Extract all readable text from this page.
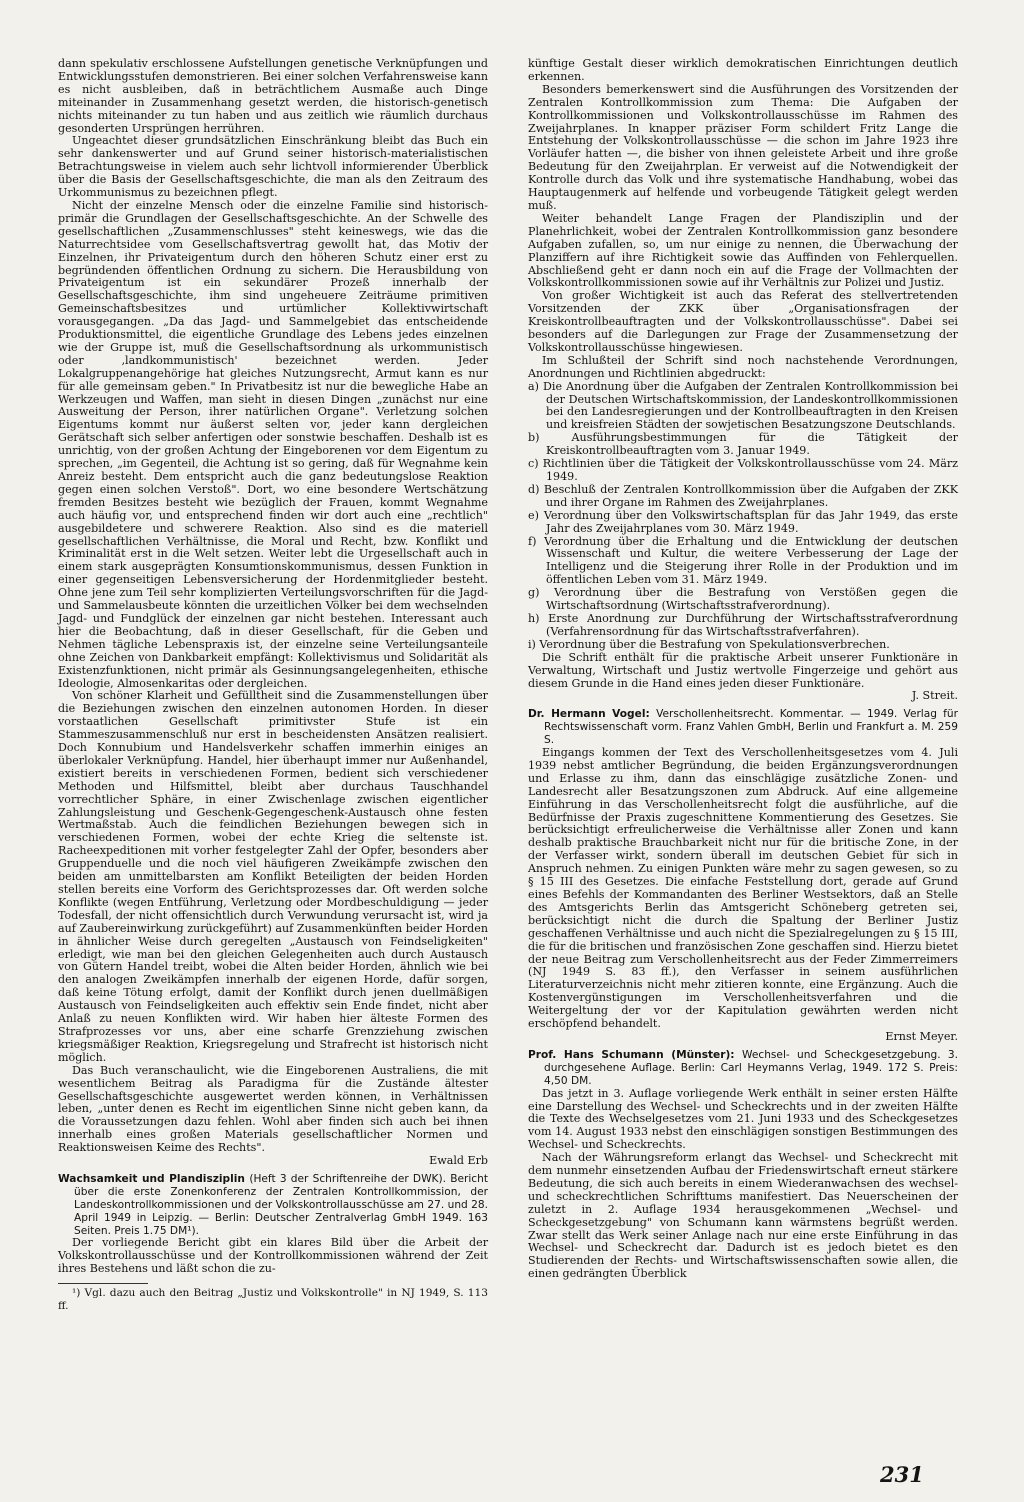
dann spekulativ erschlossene Aufstellungen genetische Verknüpfungen und Entwicklungsstufen demonstrieren. Bei einer solchen Verfahrensweise kann es nicht ausbleiben, daß in beträchtlichem Ausmaße auch Dinge miteinander in Zusammenhang gesetzt werden, die historisch-genetisch nichts miteinander zu tun haben und aus zeitlich wie räumlich durchaus gesonderten Ursprüngen herrühren.

Ungeachtet dieser grundsätzlichen Einschränkung bleibt das Buch ein sehr dankenswerter und auf Grund seiner historisch-materialistischen Betrachtungsweise in vielem auch sehr lichtvoll informierender Überblick über die Basis der Gesellschaftsgeschichte, die man als den Zeitraum des Urkommunismus zu bezeichnen pflegt.

Nicht der einzelne Mensch oder die einzelne Familie sind historisch-primär die Grundlagen der Gesellschaftsgeschichte. An der Schwelle des gesellschaftlichen „Zusammenschlusses" steht keineswegs, wie das die Naturrechtsidee vom Gesellschaftsvertrag gewollt hat, das Motiv der Einzelnen, ihr Privateigentum durch den höheren Schutz einer erst zu begründenden öffentlichen Ordnung zu sichern. Die Herausbildung von Privateigentum ist ein sekundärer Prozeß innerhalb der Gesellschaftsgeschichte, ihm sind ungeheuere Zeiträume primitiven Gemeinschaftsbesitzes und urtümlicher Kollektivwirtschaft vorausgegangen. „Da das Jagd- und Sammelgebiet das entscheidende Produktionsmittel, die eigentliche Grundlage des Lebens jedes einzelnen wie der Gruppe ist, muß die Gesellschaftsordnung als urkommunistisch oder ‚landkommunistisch' bezeichnet werden. Jeder Lokalgruppenangehörige hat gleiches Nutzungsrecht, Armut kann es nur für alle gemeinsam geben." In Privatbesitz ist nur die bewegliche Habe an Werkzeugen und Waffen, man sieht in diesen Dingen „zunächst nur eine Ausweitung der Person, ihrer natürlichen Organe". Verletzung solchen Eigentums kommt nur äußerst selten vor, jeder kann dergleichen Gerätschaft sich selber anfertigen oder sonstwie beschaffen. Deshalb ist es unrichtig, von der großen Achtung der Eingeborenen vor dem Eigentum zu sprechen, „im Gegenteil, die Achtung ist so gering, daß für Wegnahme kein Anreiz besteht. Dem entspricht auch die ganz bedeutungslose Reaktion gegen einen solchen Verstoß". Dort, wo eine besondere Wertschätzung fremden Besitzes besteht wie bezüglich der Frauen, kommt Wegnahme auch häufig vor, und entsprechend finden wir dort auch eine „rechtlich" ausgebildetere und schwerere Reaktion. Also sind es die materiell gesellschaftlichen Verhältnisse, die Moral und Recht, bzw. Konflikt und Kriminalität erst in die Welt setzen. Weiter lebt die Urgesellschaft auch in einem stark ausgeprägten Konsumtionskommunismus, dessen Funktion in einer gegenseitigen Lebensversicherung der Hordenmitglieder besteht. Ohne jene zum Teil sehr komplizierten Verteilungsvorschriften für die Jagd- und Sammelausbeute könnten die urzeitlichen Völker bei dem wechselnden Jagd- und Fundglück der einzelnen gar nicht bestehen. Interessant auch hier die Beobachtung, daß in dieser Gesellschaft, für die Geben und Nehmen tägliche Lebenspraxis ist, der einzelne seine Verteilungsanteile ohne Zeichen von Dankbarkeit empfängt: Kollektivismus und Solidarität als Existenzfunktionen, nicht primär als Gesinnungsangelegenheiten, ethische Ideologie, Almosenkaritas oder dergleichen.

Von schöner Klarheit und Gefülltheit sind die Zusammenstellungen über die Beziehungen zwischen den einzelnen autonomen Horden. In dieser vorstaatlichen Gesellschaft primitivster Stufe ist ein Stammeszusammenschluß nur erst in bescheidensten Ansätzen realisiert. Doch Konnubium und Handelsverkehr schaffen immerhin einiges an überlokaler Verknüpfung. Handel, hier überhaupt immer nur Außenhandel, existiert bereits in verschiedenen Formen, bedient sich verschiedener Methoden und Hilfsmittel, bleibt aber durchaus Tauschhandel vorrechtlicher Sphäre, in einer Zwischenlage zwischen eigentlicher Zahlungsleistung und Geschenk-Gegengeschenk-Austausch ohne festen Wertmaßstab. Auch die feindlichen Beziehungen bewegen sich in verschiedenen Formen, wobei der echte Krieg die seltenste ist. Racheexpeditionen mit vorher festgelegter Zahl der Opfer, besonders aber Gruppenduelle und die noch viel häufigeren Zweikämpfe zwischen den beiden am unmittelbarsten am Konflikt Beteiligten der beiden Horden stellen bereits eine Vorform des Gerichtsprozesses dar. Oft werden solche Konflikte (wegen Entführung, Verletzung oder Mordbeschuldigung — jeder Todesfall, der nicht offensichtlich durch Verwundung verursacht ist, wird ja auf Zaubereinwirkung zurückgeführt) auf Zusammenkünften beider Horden in ähnlicher Weise durch geregelten „Austausch von Feindseligkeiten" erledigt, wie man bei den gleichen Gelegenheiten auch durch Austausch von Gütern Handel treibt, wobei die Alten beider Horden, ähnlich wie bei den analogen Zweikämpfen innerhalb der eigenen Horde, dafür sorgen, daß keine Tötung erfolgt, damit der Konflikt durch jenen duellmäßigen Austausch von Feindseligkeiten auch effektiv sein Ende findet, nicht aber Anlaß zu neuen Konflikten wird. Wir haben hier älteste Formen des Strafprozesses vor uns, aber eine scharfe Grenzziehung zwischen kriegsmäßiger Reaktion, Kriegsregelung und Strafrecht ist historisch nicht möglich.

Das Buch veranschaulicht, wie die Eingeborenen Australiens, die mit wesentlichem Beitrag als Paradigma für die Zustände ältester Gesellschaftsgeschichte ausgewertet werden können, in Verhältnissen leben, „unter denen es Recht im eigentlichen Sinne nicht geben kann, da die Voraussetzungen dazu fehlen. Wohl aber finden sich auch bei ihnen innerhalb eines großen Materials gesellschaftlicher Normen und Reaktionsweisen Keime des Rechts".

Ewald Erb
Wachsamkeit und Plandisziplin (Heft 3 der Schriftenreihe der DWK). Bericht über die erste Zonenkonferenz der Zentralen Kontrollkommission, der Landeskontrollkommissionen und der Volkskontrollausschüsse am 27. und 28. April 1949 in Leipzig. — Berlin: Deutscher Zentralverlag GmbH 1949. 163 Seiten. Preis 1.75 DM¹).

Der vorliegende Bericht gibt ein klares Bild über die Arbeit der Volkskontrollausschüsse und der Kontrollkommissionen während der Zeit ihres Bestehens und läßt schon die zu-

¹) Vgl. dazu auch den Beitrag „Justiz und Volkskontrolle" in NJ 1949, S. 113 ff.

künftige Gestalt dieser wirklich demokratischen Einrichtungen deutlich erkennen.

Besonders bemerkenswert sind die Ausführungen des Vorsitzenden der Zentralen Kontrollkommission zum Thema: Die Aufgaben der Kontrollkommissionen und Volkskontrollausschüsse im Rahmen des Zweijahrplanes. In knapper präziser Form schildert Fritz Lange die Entstehung der Volkskontrollausschüsse — die schon im Jahre 1923 ihre Vorläufer hatten —, die bisher von ihnen geleistete Arbeit und ihre große Bedeutung für den Zweijahrplan. Er verweist auf die Notwendigkeit der Kontrolle durch das Volk und ihre systematische Handhabung, wobei das Hauptaugenmerk auf helfende und vorbeugende Tätigkeit gelegt werden muß.

Weiter behandelt Lange Fragen der Plandisziplin und der Planehrlichkeit, wobei der Zentralen Kontrollkommission ganz besondere Aufgaben zufallen, so, um nur einige zu nennen, die Überwachung der Planziffern auf ihre Richtigkeit sowie das Auffinden von Fehlerquellen. Abschließend geht er dann noch ein auf die Frage der Vollmachten der Volkskontrollkommissionen sowie auf ihr Verhältnis zur Polizei und Justiz.

Von großer Wichtigkeit ist auch das Referat des stellvertretenden Vorsitzenden der ZKK über „Organisationsfragen der Kreiskontrollbeauftragten und der Volkskontrollausschüsse". Dabei sei besonders auf die Darlegungen zur Frage der Zusammensetzung der Volkskontrollausschüsse hingewiesen.

Im Schlußteil der Schrift sind noch nachstehende Verordnungen, Anordnungen und Richtlinien abgedruckt:

a) Die Anordnung über die Aufgaben der Zentralen Kontrollkommission bei der Deutschen Wirtschaftskommission, der Landeskontrollkommissionen bei den Landesregierungen und der Kontrollbeauftragten in den Kreisen und kreisfreien Städten der sowjetischen Besatzungszone Deutschlands.
b) Ausführungsbestimmungen für die Tätigkeit der Kreiskontrollbeauftragten vom 3. Januar 1949.
c) Richtlinien über die Tätigkeit der Volkskontrollausschüsse vom 24. März 1949.
d) Beschluß der Zentralen Kontrollkommission über die Aufgaben der ZKK und ihrer Organe im Rahmen des Zweijahrplanes.
e) Verordnung über den Volkswirtschaftsplan für das Jahr 1949, das erste Jahr des Zweijahrplanes vom 30. März 1949.
f) Verordnung über die Erhaltung und die Entwicklung der deutschen Wissenschaft und Kultur, die weitere Verbesserung der Lage der Intelligenz und die Steigerung ihrer Rolle in der Produktion und im öffentlichen Leben vom 31. März 1949.
g) Verordnung über die Bestrafung von Verstößen gegen die Wirtschaftsordnung (Wirtschaftsstrafverordnung).
h) Erste Anordnung zur Durchführung der Wirtschaftsstrafverordnung (Verfahrensordnung für das Wirtschaftsstrafverfahren).
i) Verordnung über die Bestrafung von Spekulationsverbrechen.

Die Schrift enthält für die praktische Arbeit unserer Funktionäre in Verwaltung, Wirtschaft und Justiz wertvolle Fingerzeige und gehört aus diesem Grunde in die Hand eines jeden dieser Funktionäre.

J. Streit.
Dr. Hermann Vogel: Verschollenheitsrecht. Kommentar. — 1949. Verlag für Rechtswissenschaft vorm. Franz Vahlen GmbH, Berlin und Frankfurt a. M. 259 S.

Eingangs kommen der Text des Verschollenheitsgesetzes vom 4. Juli 1939 nebst amtlicher Begründung, die beiden Ergänzungsverordnungen und Erlasse zu ihm, dann das einschlägige zusätzliche Zonen- und Landesrecht aller Besatzungszonen zum Abdruck. Auf eine allgemeine Einführung in das Verschollenheitsrecht folgt die ausführliche, auf die Bedürfnisse der Praxis zugeschnittene Kommentierung des Gesetzes. Sie berücksichtigt erfreulicherweise die Verhältnisse aller Zonen und kann deshalb praktische Brauchbarkeit nicht nur für die britische Zone, in der der Verfasser wirkt, sondern überall im deutschen Gebiet für sich in Anspruch nehmen. Zu einigen Punkten wäre mehr zu sagen gewesen, so zu § 15 III des Gesetzes. Die einfache Feststellung dort, gerade auf Grund eines Befehls der Kommandanten des Berliner Westsektors, daß an Stelle des Amtsgerichts Berlin das Amtsgericht Schöneberg getreten sei, berücksichtigt nicht die durch die Spaltung der Berliner Justiz geschaffenen Verhältnisse und auch nicht die Spezialregelungen zu § 15 III, die für die britischen und französischen Zone geschaffen sind. Hierzu bietet der neue Beitrag zum Verschollenheitsrecht aus der Feder Zimmerreimers (NJ 1949 S. 83 ff.), den Verfasser in seinem ausführlichen Literaturverzeichnis nicht mehr zitieren konnte, eine Ergänzung. Auch die Kostenvergünstigungen im Verschollenheitsverfahren und die Weitergeltung der vor der Kapitulation gewährten werden nicht erschöpfend behandelt.

Ernst Meyer.
Prof. Hans Schumann (Münster): Wechsel- und Scheckgesetzgebung. 3. durchgesehene Auflage. Berlin: Carl Heymanns Verlag, 1949. 172 S. Preis: 4,50 DM.

Das jetzt in 3. Auflage vorliegende Werk enthält in seiner ersten Hälfte eine Darstellung des Wechsel- und Scheckrechts und in der zweiten Hälfte die Texte des Wechselgesetzes vom 21. Juni 1933 und des Scheckgesetzes vom 14. August 1933 nebst den einschlägigen sonstigen Bestimmungen des Wechsel- und Scheckrechts.

Nach der Währungsreform erlangt das Wechsel- und Scheckrecht mit dem nunmehr einsetzenden Aufbau der Friedenswirtschaft erneut stärkere Bedeutung, die sich auch bereits in einem Wiederanwachsen des wechsel- und scheckrechtlichen Schrifttums manifestiert. Das Neuerscheinen der zuletzt in 2. Auflage 1934 herausgekommenen „Wechsel- und Scheckgesetzgebung" von Schumann kann wärmstens begrüßt werden. Zwar stellt das Werk seiner Anlage nach nur eine erste Einführung in das Wechsel- und Scheckrecht dar. Dadurch ist es jedoch bietet es den Studierenden der Rechts- und Wirtschaftswissenschaften sowie allen, die einen gedrängten Überblick

231
